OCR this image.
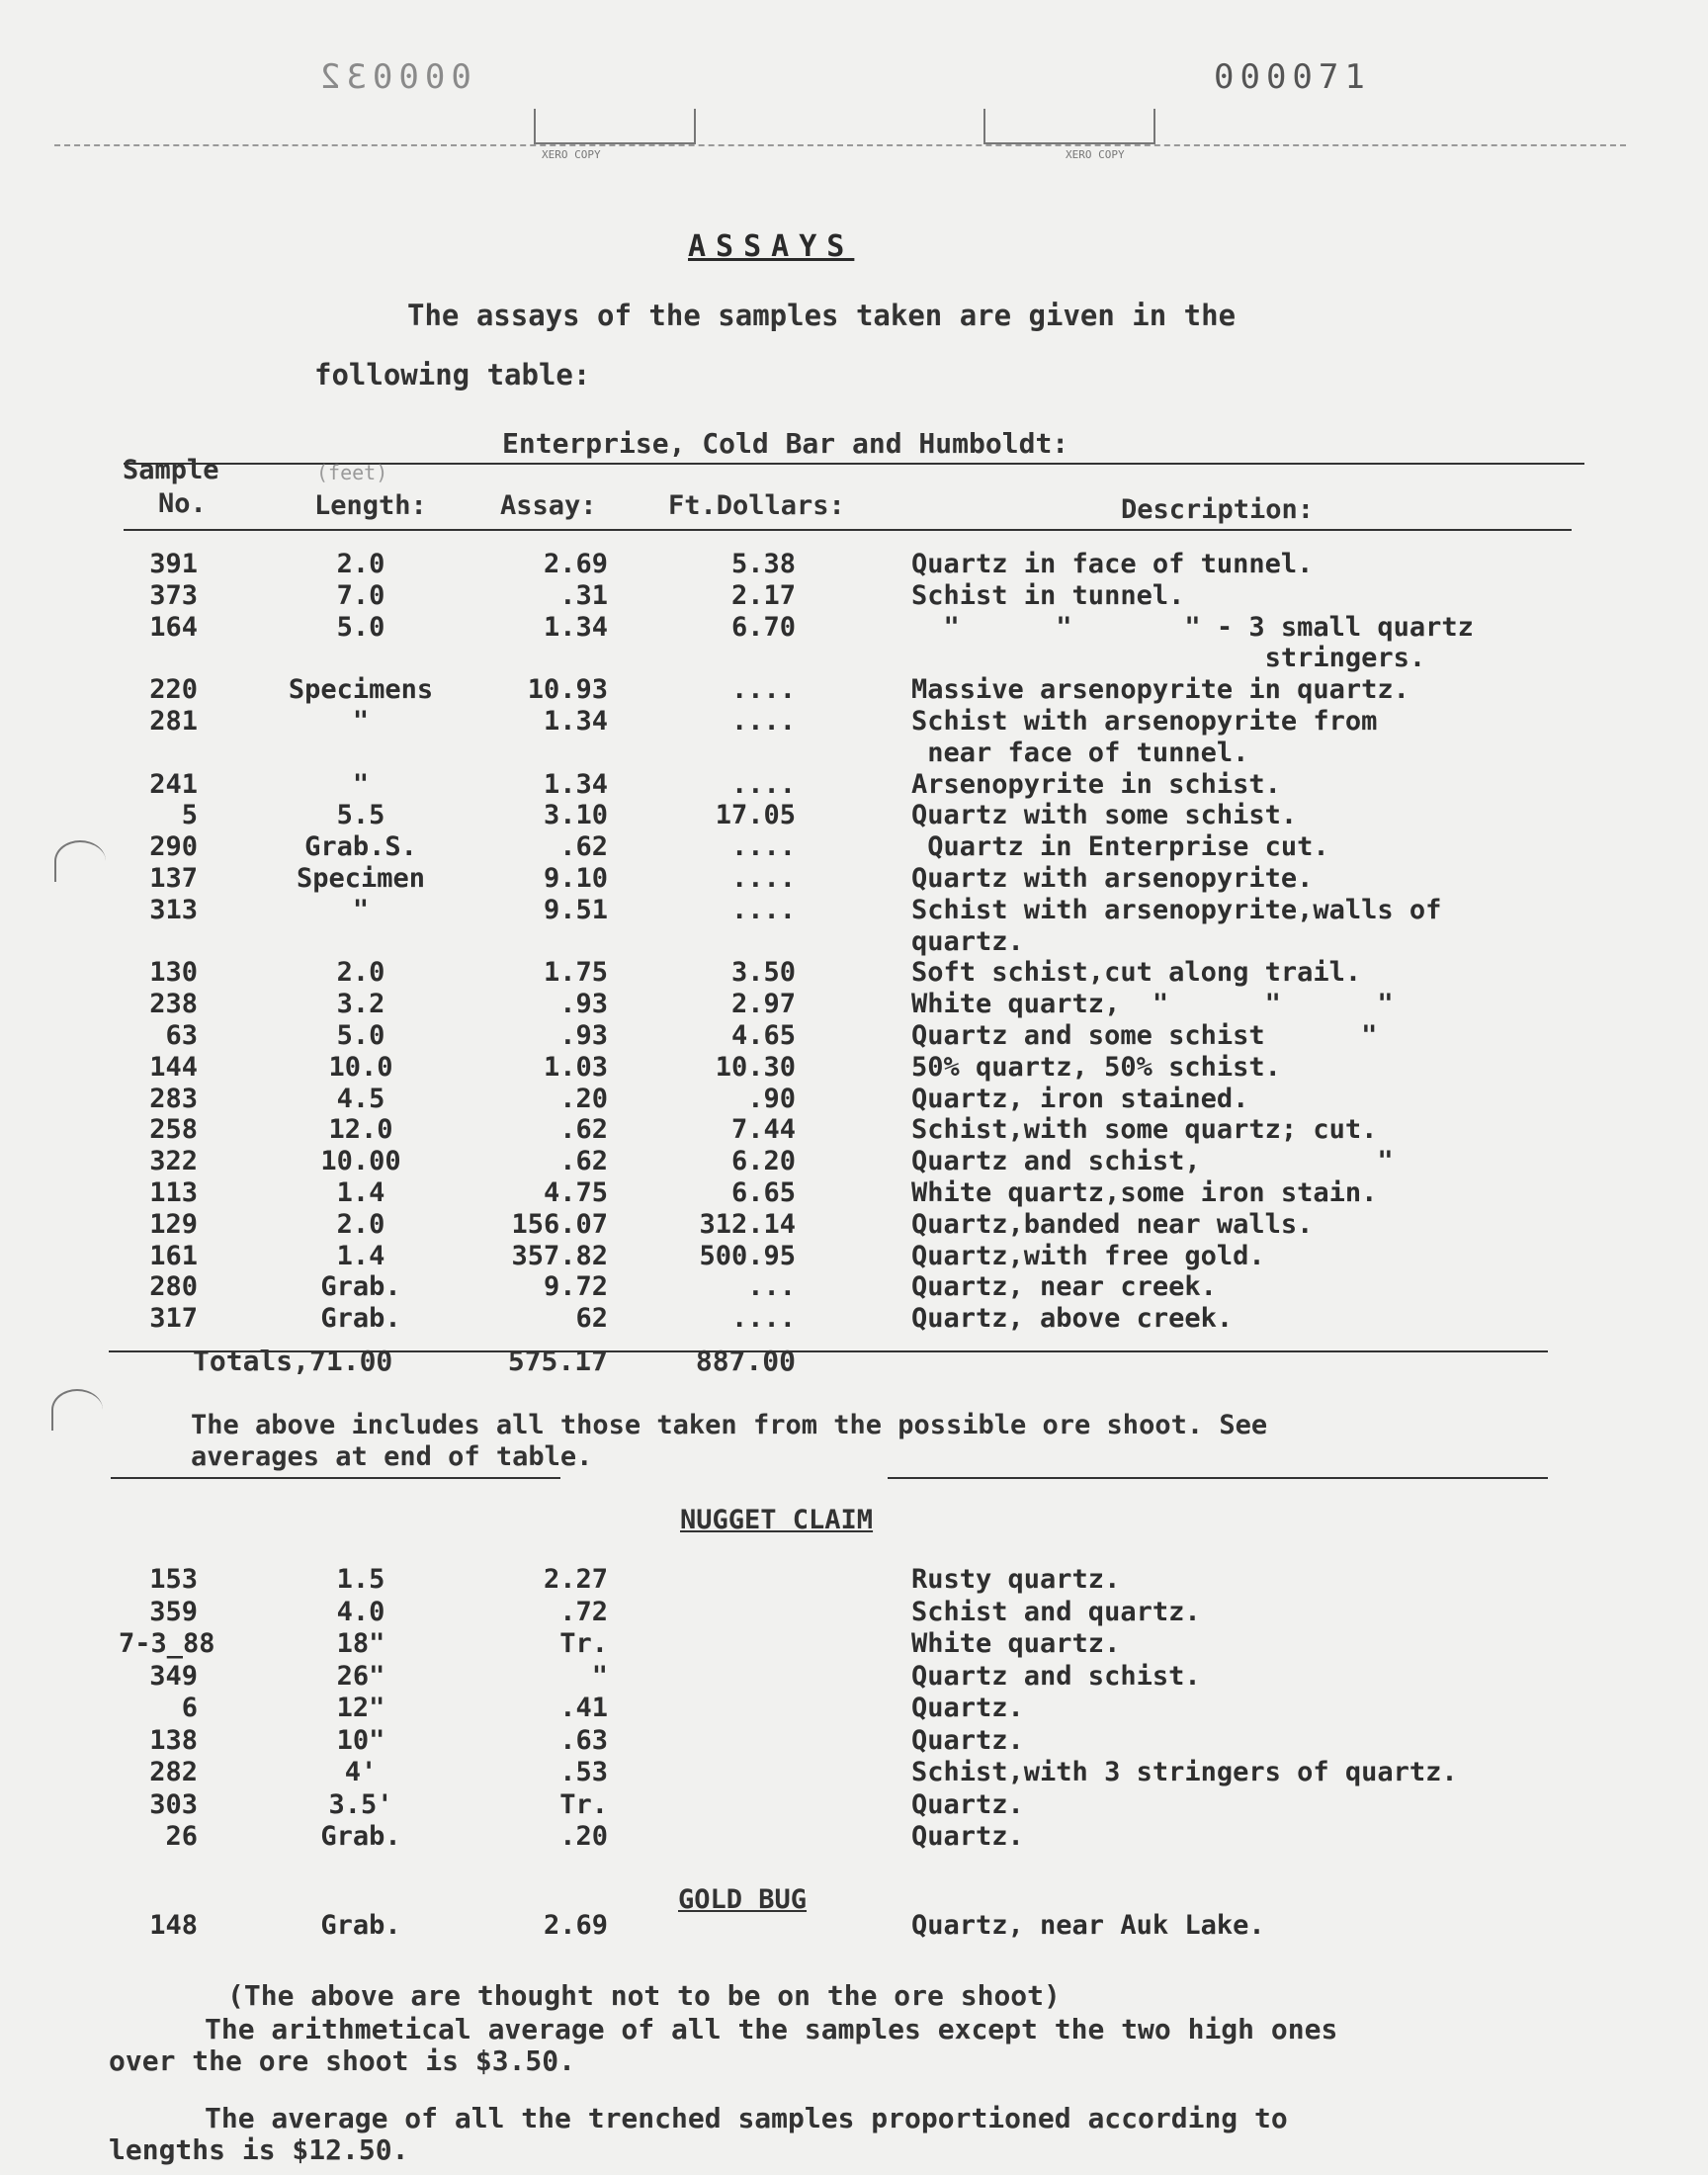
000032	000071
XERO COPY	XERO COPY
ASSAYS
The assays of the samples taken are given in the
following table:
Enterprise, Cold Bar and Humboldt:
Sample
No.
(feet)
Length:	Assay:	Ft.Dollars:	Description:
391	2.0	2.69	5.38	Quartz in face of tunnel.
373	7.0	.31	2.17	Schist in tunnel.
164	5.0	1.34	6.70	"      "       " - 3 small quartz
stringers.
220	Specimens	10.93	....	Massive arsenopyrite in quartz.
281	"	1.34	....	Schist with arsenopyrite from
near face of tunnel.
241	"	1.34	....	Arsenopyrite in schist.
5	5.5	3.10	17.05	Quartz with some schist.
290	Grab.S.	.62	....	Quartz in Enterprise cut.
137	Specimen	9.10	....	Quartz with arsenopyrite.
313	"	9.51	....	Schist with arsenopyrite,walls of
quartz.
130	2.0	1.75	3.50	Soft schist,cut along trail.
238	3.2	.93	2.97	White quartz,  "      "      "
63	5.0	.93	4.65	Quartz and some schist      "
144	10.0	1.03	10.30	50% quartz, 50% schist.
283	4.5	.20	.90	Quartz, iron stained.
258	12.0	.62	7.44	Schist,with some quartz; cut.
322	10.00	.62	6.20	Quartz and schist,           "
113	1.4	4.75	6.65	White quartz,some iron stain.
129	2.0	156.07	312.14	Quartz,banded near walls.
161	1.4	357.82	500.95	Quartz,with free gold.
280	Grab.	9.72	...	Quartz, near creek.
317	Grab.	62	....	Quartz, above creek.
Totals,71.00	575.17	887.00
The above includes all those taken from the possible ore shoot. See
averages at end of table.
NUGGET CLAIM
153	1.5	2.27	Rusty quartz.
359	4.0	.72	Schist and quartz.
7-3_88	18"	Tr.	White quartz.
349	26"	"	Quartz and schist.
6	12"	.41	Quartz.
138	10"	.63	Quartz.
282	4'	.53	Schist,with 3 stringers of quartz.
303	3.5'	Tr.	Quartz.
26	Grab.	.20	Quartz.
GOLD BUG
148	Grab.	2.69	Quartz, near Auk Lake.
(The above are thought not to be on the ore shoot)
The arithmetical average of all the samples except the two high ones
over the ore shoot is $3.50.
The average of all the trenched samples proportioned according to
lengths is $12.50.
